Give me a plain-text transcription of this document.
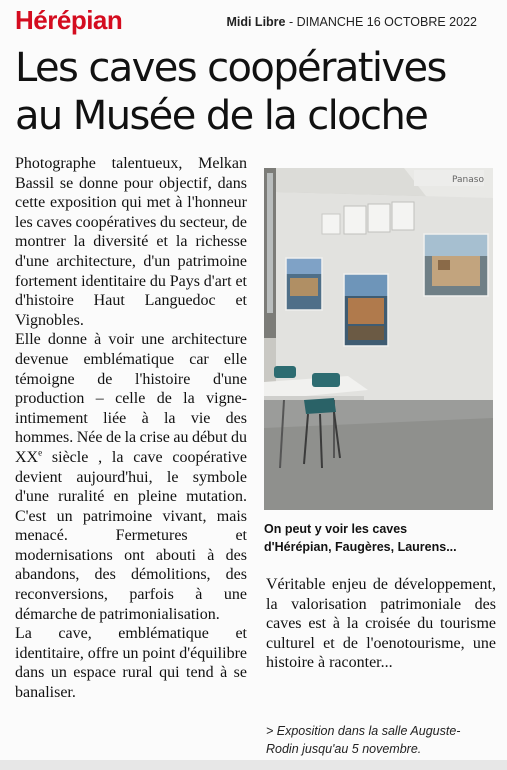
Hérépian	Midi Libre - DIMANCHE 16 OCTOBRE 2022
Les caves coopératives
au Musée de la cloche

Photographe talentueux, Melkan Bassil se donne pour objectif, dans cette exposition qui met à l'honneur les caves coopératives du secteur, de montrer la diversité et la richesse d'une architecture, d'un patrimoine fortement identitaire du Pays d'art et d'histoire Haut Languedoc et Vignobles.

Elle donne à voir une architecture devenue emblématique car elle témoigne de l'histoire d'une production – celle de la vigne-intimement liée à la vie des hommes. Née de la crise au début du XXe siècle , la cave coopérative devient aujourd'hui, le symbole d'une ruralité en pleine mutation. C'est un patrimoine vivant, mais menacé. Fermetures et modernisations ont abouti à des abandons, des démolitions, des reconversions, parfois à une démarche de patrimonialisation.

La cave, emblématique et identitaire, offre un point d'équilibre dans un espace rural qui tend à se banaliser.

Panaso
On peut y voir les caves
d'Hérépian, Faugères, Laurens...

Véritable enjeu de développement, la valorisation patrimoniale des caves est à la croisée du tourisme culturel et de l'oenotourisme, une histoire à raconter...

> Exposition dans la salle Auguste-
Rodin jusqu'au 5 novembre.
